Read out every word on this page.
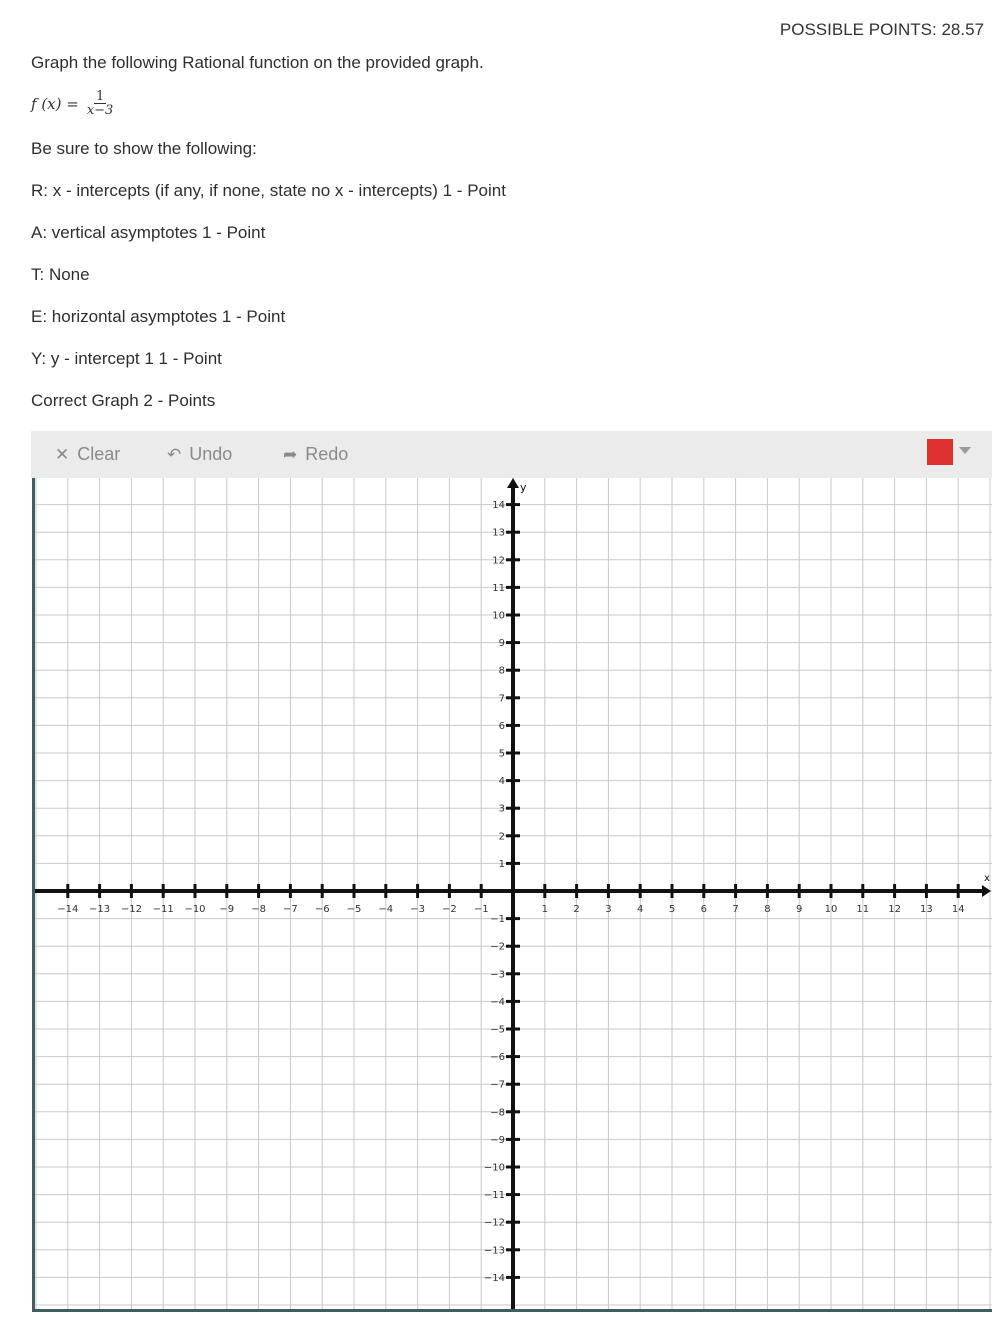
POSSIBLE POINTS: 28.57
Graph the following Rational function on the provided graph.
f $(x) = \frac{1}{x-3}$
Be sure to show the following:
R: x - intercepts (if any, if none, state no x - intercepts) 1 - Point
A: vertical asymptotes 1 - Point
T: None
E: horizontal asymptotes 1 - Point
Y: y - intercept 1 1 - Point
Correct Graph 2 - Points
✕ Clear	↶ Undo	➦ Redo
x
y
−14 −13 −12 −11 −10 −9 −8 −7 −6 −5 −4 −3 −2 −1	1	2	3	4	5	6	7	8	9 10 11 12 13 14
14
13
12
11
10
9
8
7
6
5
4
3
2
1
−1
−2
−3
−4
−5
−6
−7
−8
−9
−10
−11
−12
−13
−14
